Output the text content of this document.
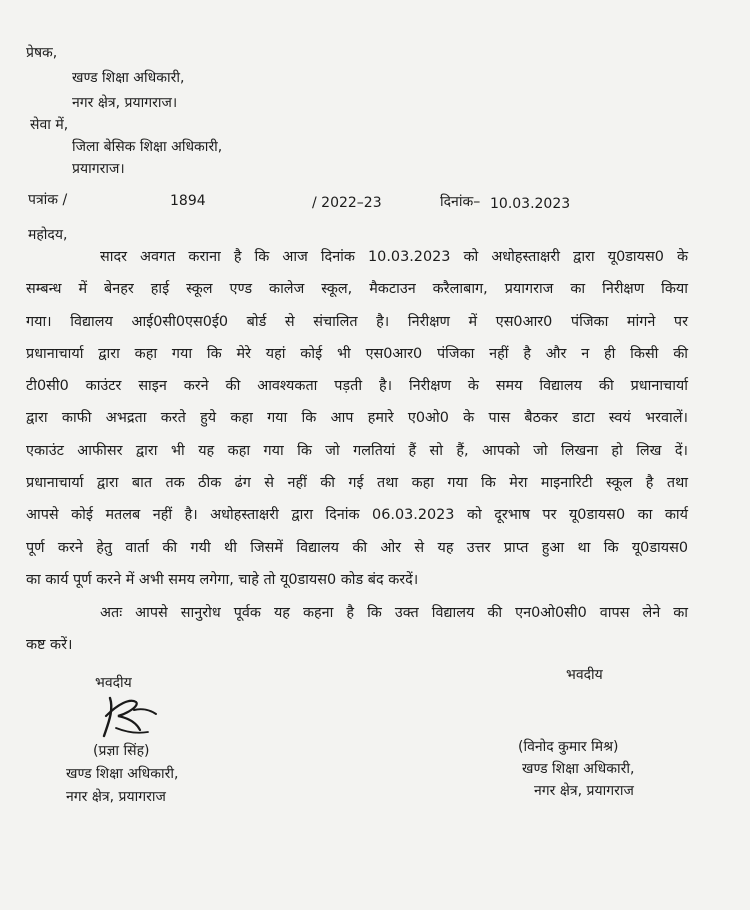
प्रेषक,
खण्ड शिक्षा अधिकारी,
नगर क्षेत्र, प्रयागराज।
सेवा में,
जिला बेसिक शिक्षा अधिकारी,
प्रयागराज।
पत्रांक /	1894	/ 2022–23	दिनांक– 10.03.2023
महोदय,
सादर अवगत कराना है कि आज दिनांक 10.03.2023 को अधोहस्ताक्षरी द्वारा यू0डायस0 के
सम्बन्ध में बेनहर हाई स्कूल एण्ड कालेज स्कूल, मैकटाउन करैलाबाग, प्रयागराज का निरीक्षण किया
गया। विद्यालय आई0सी0एस0ई0 बोर्ड से संचालित है। निरीक्षण में एस0आर0 पंजिका मांगने पर
प्रधानाचार्या द्वारा कहा गया कि मेरे यहां कोई भी एस0आर0 पंजिका नहीं है और न ही किसी की
टी0सी0 काउंटर साइन करने की आवश्यकता पड़ती है। निरीक्षण के समय विद्यालय की प्रधानाचार्या
द्वारा काफी अभद्रता करते हुये कहा गया कि आप हमारे ए0ओ0 के पास बैठकर डाटा स्वयं भरवालें।
एकाउंट आफीसर द्वारा भी यह कहा गया कि जो गलतियां हैं सो हैं, आपको जो लिखना हो लिख दें।
प्रधानाचार्या द्वारा बात तक ठीक ढंग से नहीं की गई तथा कहा गया कि मेरा माइनारिटी स्कूल है तथा
आपसे कोई मतलब नहीं है। अधोहस्ताक्षरी द्वारा दिनांक 06.03.2023 को दूरभाष पर यू0डायस0 का कार्य
पूर्ण करने हेतु वार्ता की गयी थी जिसमें विद्यालय की ओर से यह उत्तर प्राप्त हुआ था कि यू0डायस0
का कार्य पूर्ण करने में अभी समय लगेगा, चाहे तो यू0डायस0 कोड बंद करदें।
अतः आपसे सानुरोध पूर्वक यह कहना है कि उक्त विद्यालय की एन0ओ0सी0 वापस लेने का
कष्ट करें।
भवदीय
(प्रज्ञा सिंह)
खण्ड शिक्षा अधिकारी,
नगर क्षेत्र, प्रयागराज
भवदीय
(विनोद कुमार मिश्र)
खण्ड शिक्षा अधिकारी,
नगर क्षेत्र, प्रयागराज
